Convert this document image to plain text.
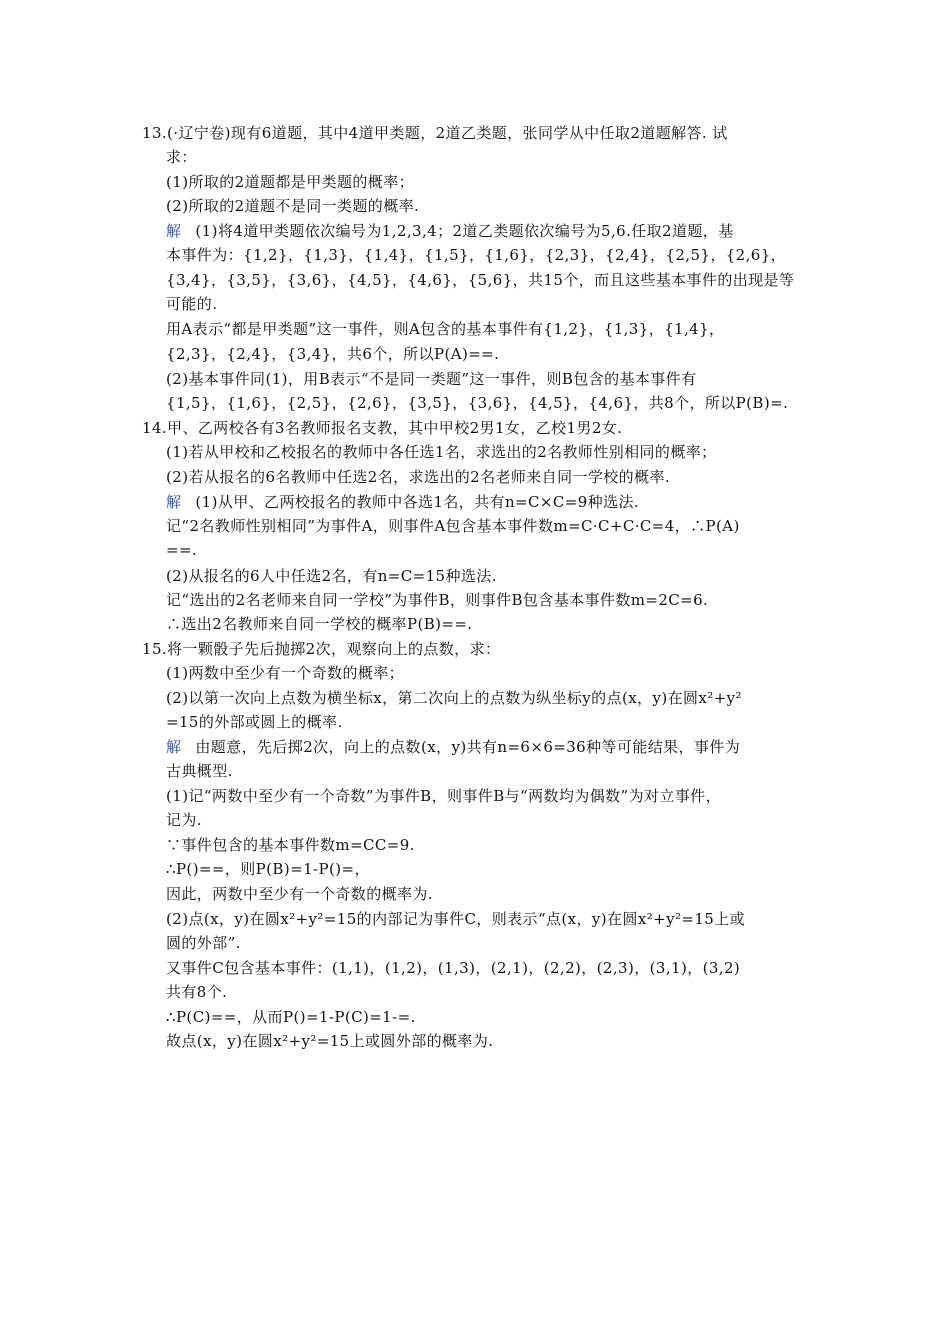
13.(·辽宁卷)现有6道题，其中4道甲类题，2道乙类题，张同学从中任取2道题解答. 试
求：
(1)所取的2道题都是甲类题的概率；
(2)所取的2道题不是同一类题的概率.
解 (1)将4道甲类题依次编号为1,2,3,4；2道乙类题依次编号为5,6.任取2道题，基
本事件为：{1,2}，{1,3}，{1,4}，{1,5}，{1,6}，{2,3}，{2,4}，{2,5}，{2,6}，
{3,4}，{3,5}，{3,6}，{4,5}，{4,6}，{5,6}，共15个，而且这些基本事件的出现是等
可能的.
用A表示“都是甲类题”这一事件，则A包含的基本事件有{1,2}，{1,3}，{1,4}，
{2,3}，{2,4}，{3,4}，共6个，所以P(A)==.
(2)基本事件同(1)，用B表示“不是同一类题”这一事件，则B包含的基本事件有
{1,5}，{1,6}，{2,5}，{2,6}，{3,5}，{3,6}，{4,5}，{4,6}，共8个，所以P(B)=.
14.甲、乙两校各有3名教师报名支教，其中甲校2男1女，乙校1男2女.
(1)若从甲校和乙校报名的教师中各任选1名，求选出的2名教师性别相同的概率；
(2)若从报名的6名教师中任选2名，求选出的2名老师来自同一学校的概率.
解 (1)从甲、乙两校报名的教师中各选1名，共有n=C×C=9种选法.
记“2名教师性别相同”为事件A，则事件A包含基本事件数m=C·C+C·C=4，∴P(A)
==.
(2)从报名的6人中任选2名，有n=C=15种选法.
记“选出的2名老师来自同一学校”为事件B，则事件B包含基本事件数m=2C=6.
∴选出2名教师来自同一学校的概率P(B)==.
15.将一颗骰子先后抛掷2次，观察向上的点数，求：
(1)两数中至少有一个奇数的概率；
(2)以第一次向上点数为横坐标x，第二次向上的点数为纵坐标y的点(x，y)在圆x²+y²
=15的外部或圆上的概率.
解 由题意，先后掷2次，向上的点数(x，y)共有n=6×6=36种等可能结果，事件为
古典概型.
(1)记“两数中至少有一个奇数”为事件B，则事件B与“两数均为偶数”为对立事件，
记为.
∵事件包含的基本事件数m=CC=9.
∴P()==，则P(B)=1-P()=，
因此，两数中至少有一个奇数的概率为.
(2)点(x，y)在圆x²+y²=15的内部记为事件C，则表示“点(x，y)在圆x²+y²=15上或
圆的外部”.
又事件C包含基本事件：(1,1)，(1,2)，(1,3)，(2,1)，(2,2)，(2,3)，(3,1)，(3,2)
共有8个.
∴P(C)==，从而P()=1-P(C)=1-=.
故点(x，y)在圆x²+y²=15上或圆外部的概率为.
